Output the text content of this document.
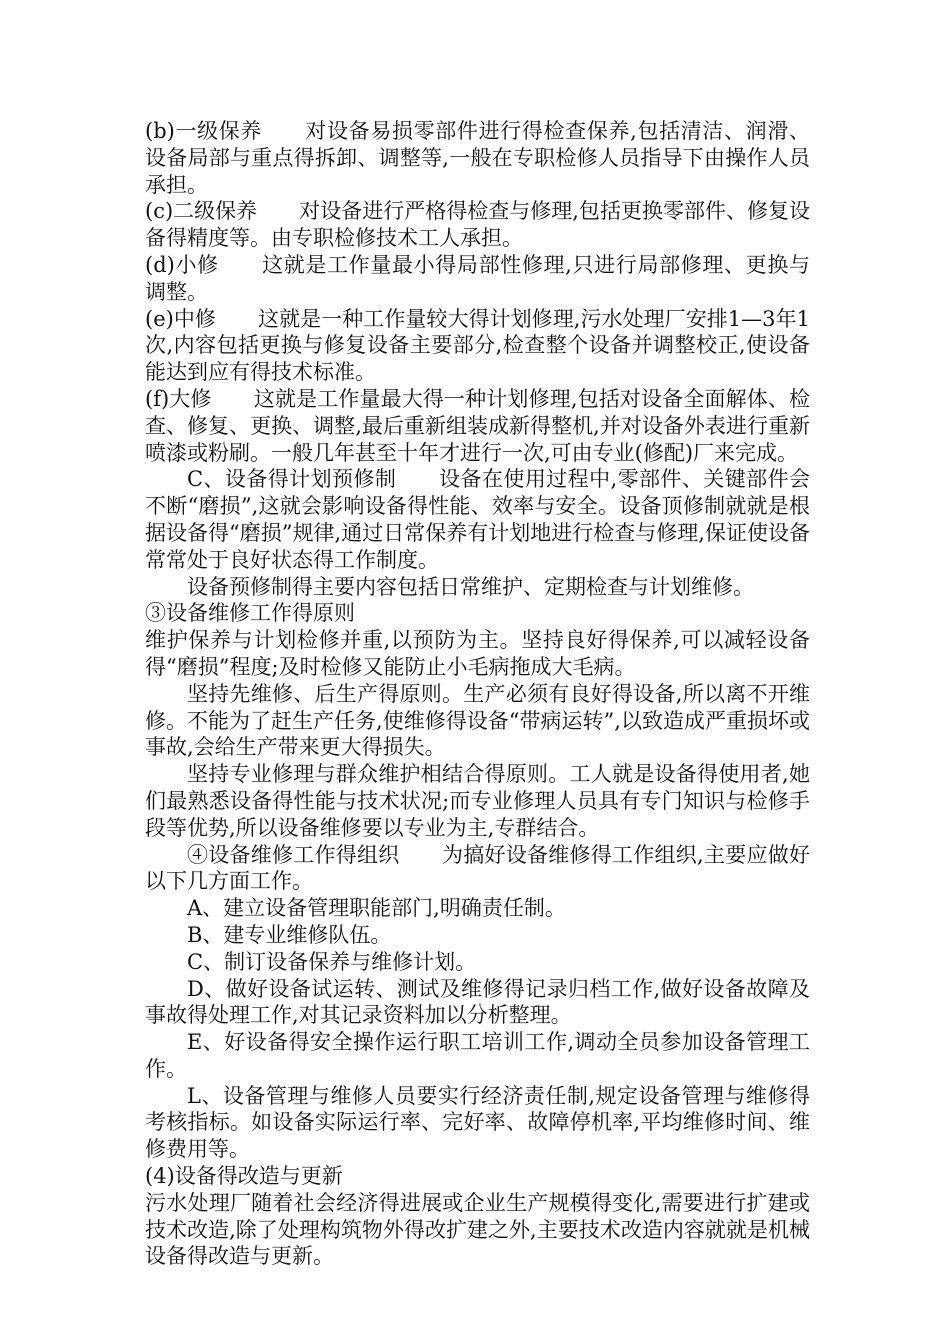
(b)一级保养　　对设备易损零部件进行得检查保养,包括清洁、润滑、设备局部与重点得拆卸、调整等,一般在专职检修人员指导下由操作人员承担。

(c)二级保养　　对设备进行严格得检查与修理,包括更换零部件、修复设备得精度等。由专职检修技术工人承担。

(d)小修　　这就是工作量最小得局部性修理,只进行局部修理、更换与调整。

(e)中修　　这就是一种工作量较大得计划修理,污水处理厂安排1—3年1次,内容包括更换与修复设备主要部分,检查整个设备并调整校正,使设备能达到应有得技术标准。

(f)大修　　这就是工作量最大得一种计划修理,包括对设备全面解体、检查、修复、更换、调整,最后重新组装成新得整机,并对设备外表进行重新喷漆或粉刷。一般几年甚至十年才进行一次,可由专业(修配)厂来完成。

C、设备得计划预修制　　设备在使用过程中,零部件、关键部件会不断“磨损”,这就会影响设备得性能、效率与安全。设备顶修制就就是根据设备得“磨损”规律,通过日常保养有计划地进行检查与修理,保证使设备常常处于良好状态得工作制度。

设备预修制得主要内容包括日常维护、定期检查与计划维修。

③设备维修工作得原则

维护保养与计划检修并重,以预防为主。坚持良好得保养,可以减轻设备得“磨损”程度;及时检修又能防止小毛病拖成大毛病。

坚持先维修、后生产得原则。生产必须有良好得设备,所以离不开维修。不能为了赶生产任务,使维修得设备“带病运转”,以致造成严重损坏或事故,会给生产带来更大得损失。

坚持专业修理与群众维护相结合得原则。工人就是设备得使用者,她们最熟悉设备得性能与技术状况;而专业修理人员具有专门知识与检修手段等优势,所以设备维修要以专业为主,专群结合。

④设备维修工作得组织　　为搞好设备维修得工作组织,主要应做好以下几方面工作。

A、建立设备管理职能部门,明确责任制。

B、建专业维修队伍。

C、制订设备保养与维修计划。

D、做好设备试运转、测试及维修得记录归档工作,做好设备故障及事故得处理工作,对其记录资料加以分析整理。

E、好设备得安全操作运行职工培训工作,调动全员参加设备管理工作。

L、设备管理与维修人员要实行经济责任制,规定设备管理与维修得考核指标。如设备实际运行率、完好率、故障停机率,平均维修时间、维修费用等。

(4)设备得改造与更新

污水处理厂随着社会经济得进展或企业生产规模得变化,需要进行扩建或技术改造,除了处理构筑物外得改扩建之外,主要技术改造内容就就是机械设备得改造与更新。
